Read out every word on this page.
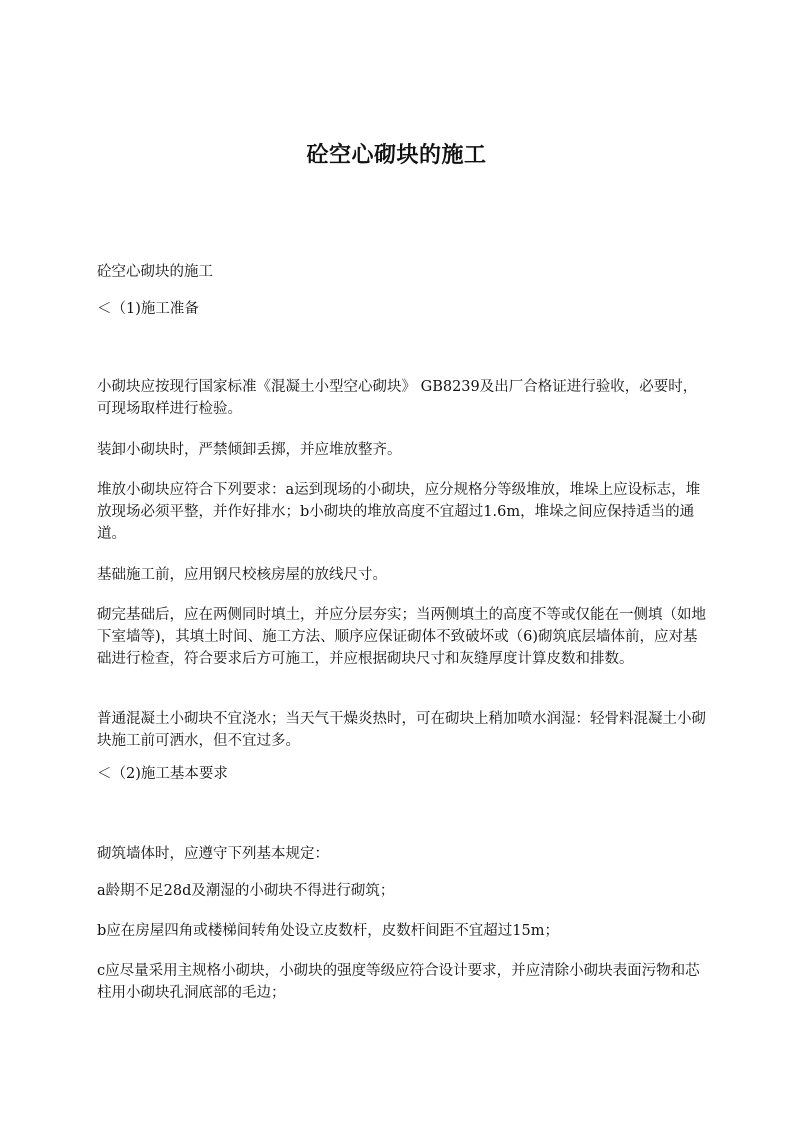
砼空心砌块的施工

砼空心砌块的施工

＜（1)施工准备

小砌块应按现行国家标准《混凝土小型空心砌块》 GB8239及出厂合格证进行验收，必要时，可现场取样进行检验。

装卸小砌块时，严禁倾卸丢掷，并应堆放整齐。

堆放小砌块应符合下列要求：a运到现场的小砌块，应分规格分等级堆放，堆垛上应设标志，堆放现场必须平整，并作好排水；b小砌块的堆放高度不宜超过1.6m，堆垛之间应保持适当的通道。

基础施工前，应用钢尺校核房屋的放线尺寸。

砌完基础后，应在两侧同时填土，并应分层夯实；当两侧填土的高度不等或仅能在一侧填（如地下室墙等)，其填土时间、施工方法、顺序应保证砌体不致破坏或（6)砌筑底层墙体前，应对基础进行检查，符合要求后方可施工，并应根据砌块尺寸和灰缝厚度计算皮数和排数。

普通混凝土小砌块不宜浇水；当天气干燥炎热时，可在砌块上稍加喷水润湿：轻骨料混凝土小砌块施工前可洒水，但不宜过多。

＜（2)施工基本要求

砌筑墙体时，应遵守下列基本规定：

a龄期不足28d及潮湿的小砌块不得进行砌筑；

b应在房屋四角或楼梯间转角处设立皮数杆，皮数杆间距不宜超过15m；

c应尽量采用主规格小砌块，小砌块的强度等级应符合设计要求，并应清除小砌块表面污物和芯柱用小砌块孔洞底部的毛边；
